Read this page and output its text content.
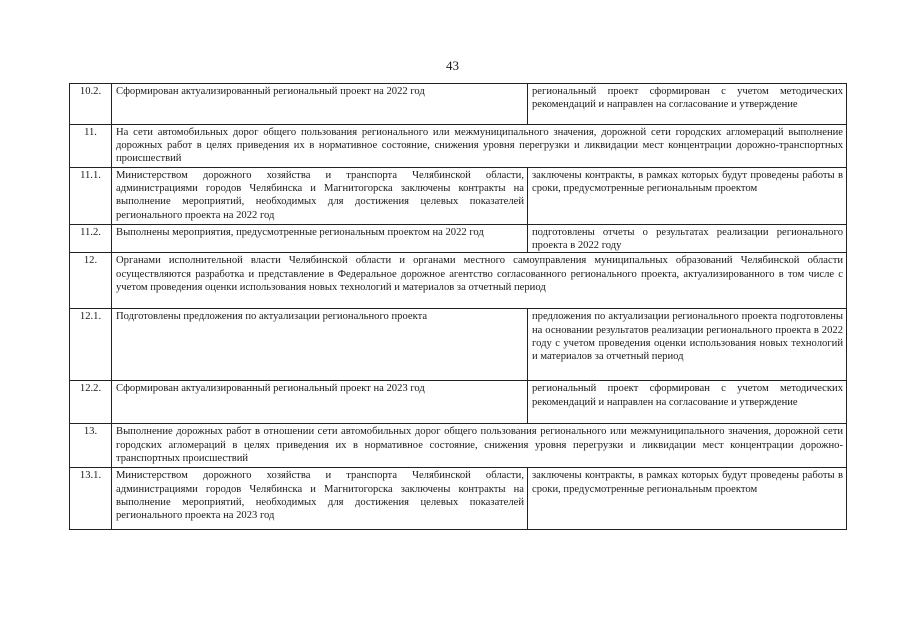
43
10.2.	Сформирован актуализированный региональный проект на 2022 год	региональный проект сформирован с учетом методических рекомендаций и направлен на согласование и утверждение
11.	На сети автомобильных дорог общего пользования регионального или межмуниципального значения, дорожной сети городских агломераций выполнение дорожных работ в целях приведения их в нормативное состояние, снижения уровня перегрузки и ликвидации мест концентрации дорожно-транспортных происшествий	
11.1.	Министерством дорожного хозяйства и транспорта Челябинской области, администрациями городов Челябинска и Магнитогорска заключены контракты на выполнение мероприятий, необходимых для достижения целевых показателей регионального проекта на 2022 год	заключены контракты, в рамках которых будут проведены работы в сроки, предусмотренные региональным проектом
11.2.	Выполнены мероприятия, предусмотренные региональным проектом на 2022 год	подготовлены отчеты о результатах реализации регионального проекта в 2022 году
12.	Органами исполнительной власти Челябинской области и органами местного самоуправления муниципальных образований Челябинской области осуществляются разработка и представление в Федеральное дорожное агентство согласованного регионального проекта, актуализированного в том числе с учетом проведения оценки использования новых технологий и материалов за отчетный период	
12.1.	Подготовлены предложения по актуализации регионального проекта	предложения по актуализации регионального проекта подготовлены на основании результатов реализации регионального проекта в 2022 году с учетом проведения оценки использования новых технологий и материалов за отчетный период
12.2.	Сформирован актуализированный региональный проект на 2023 год	региональный проект сформирован с учетом методических рекомендаций и направлен на согласование и утверждение
13.	Выполнение дорожных работ в отношении сети автомобильных дорог общего пользования регионального или межмуниципального значения, дорожной сети городских агломераций в целях приведения их в нормативное состояние, снижения уровня перегрузки и ликвидации мест концентрации дорожно-транспортных происшествий	
13.1.	Министерством дорожного хозяйства и транспорта Челябинской области, администрациями городов Челябинска и Магнитогорска заключены контракты на выполнение мероприятий, необходимых для достижения целевых показателей регионального проекта на 2023 год	заключены контракты, в рамках которых будут проведены работы в сроки, предусмотренные региональным проектом
